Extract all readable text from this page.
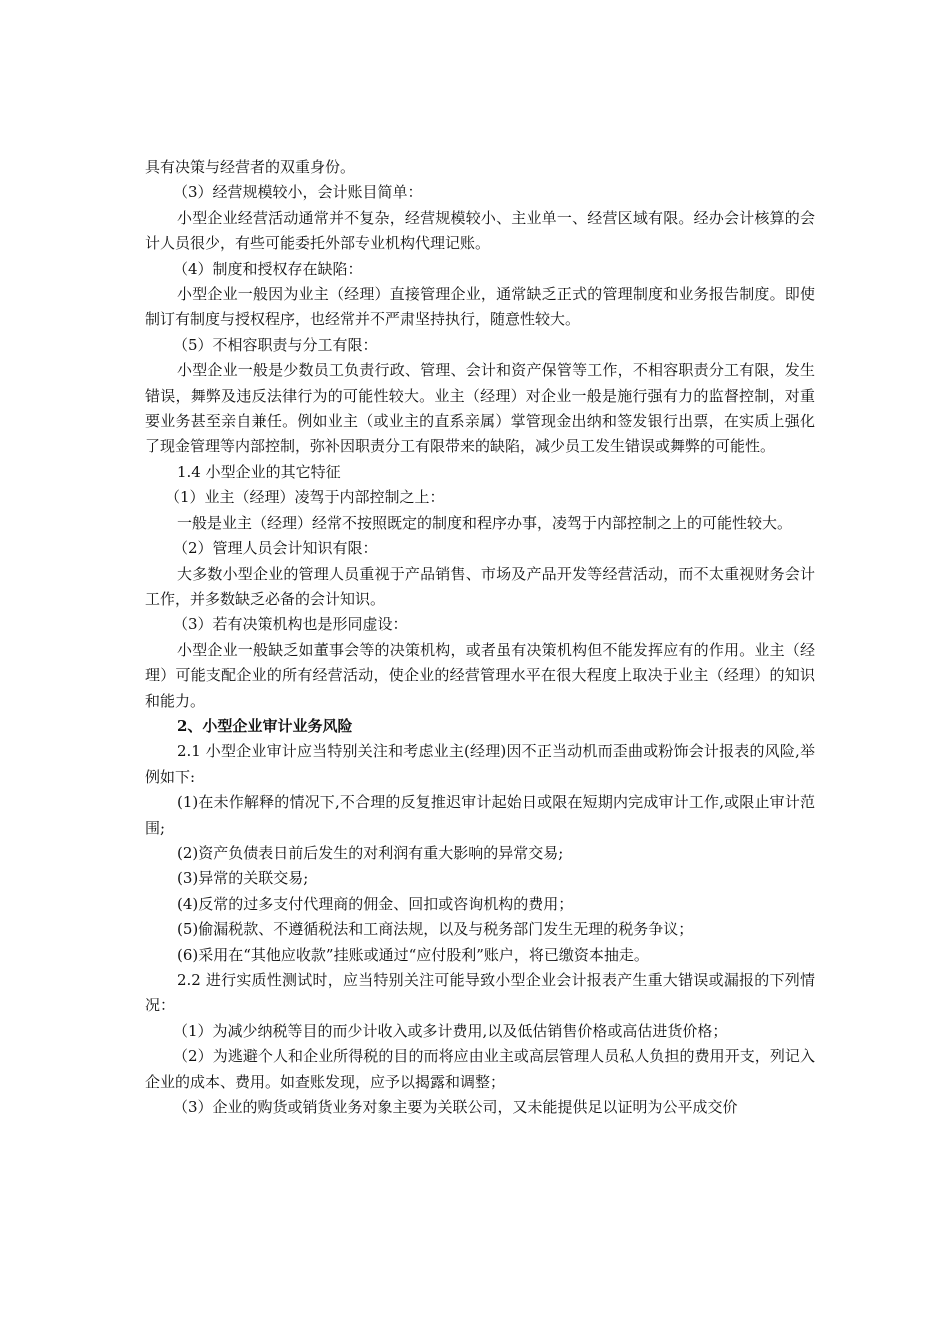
具有决策与经营者的双重身份。

（3）经营规模较小，会计账目简单：

小型企业经营活动通常并不复杂，经营规模较小、主业单一、经营区域有限。经办会计核算的会计人员很少，有些可能委托外部专业机构代理记账。

（4）制度和授权存在缺陷：

小型企业一般因为业主（经理）直接管理企业，通常缺乏正式的管理制度和业务报告制度。即使制订有制度与授权程序，也经常并不严肃坚持执行，随意性较大。

（5）不相容职责与分工有限：

小型企业一般是少数员工负责行政、管理、会计和资产保管等工作，不相容职责分工有限，发生错误，舞弊及违反法律行为的可能性较大。业主（经理）对企业一般是施行强有力的监督控制，对重要业务甚至亲自兼任。例如业主（或业主的直系亲属）掌管现金出纳和签发银行出票，在实质上强化了现金管理等内部控制，弥补因职责分工有限带来的缺陷，减少员工发生错误或舞弊的可能性。

1.4 小型企业的其它特征

（1）业主（经理）凌驾于内部控制之上：

一般是业主（经理）经常不按照既定的制度和程序办事，凌驾于内部控制之上的可能性较大。

（2）管理人员会计知识有限：

大多数小型企业的管理人员重视于产品销售、市场及产品开发等经营活动，而不太重视财务会计工作，并多数缺乏必备的会计知识。

（3）若有决策机构也是形同虚设：

小型企业一般缺乏如董事会等的决策机构，或者虽有决策机构但不能发挥应有的作用。业主（经理）可能支配企业的所有经营活动，使企业的经营管理水平在很大程度上取决于业主（经理）的知识和能力。

2、小型企业审计业务风险

2.1 小型企业审计应当特别关注和考虑业主(经理)因不正当动机而歪曲或粉饰会计报表的风险,举例如下:

(1)在未作解释的情况下,不合理的反复推迟审计起始日或限在短期内完成审计工作,或限止审计范围;

(2)资产负债表日前后发生的对利润有重大影响的异常交易;

(3)异常的关联交易;

(4)反常的过多支付代理商的佣金、回扣或咨询机构的费用；

(5)偷漏税款、不遵循税法和工商法规，以及与税务部门发生无理的税务争议；

(6)采用在“其他应收款”挂账或通过“应付股利”账户，将已缴资本抽走。

2.2 进行实质性测试时，应当特别关注可能导致小型企业会计报表产生重大错误或漏报的下列情况：

（1）为减少纳税等目的而少计收入或多计费用,以及低估销售价格或高估进货价格；

（2）为逃避个人和企业所得税的目的而将应由业主或高层管理人员私人负担的费用开支，列记入企业的成本、费用。如查账发现，应予以揭露和调整；

（3）企业的购货或销货业务对象主要为关联公司，又未能提供足以证明为公平成交价
